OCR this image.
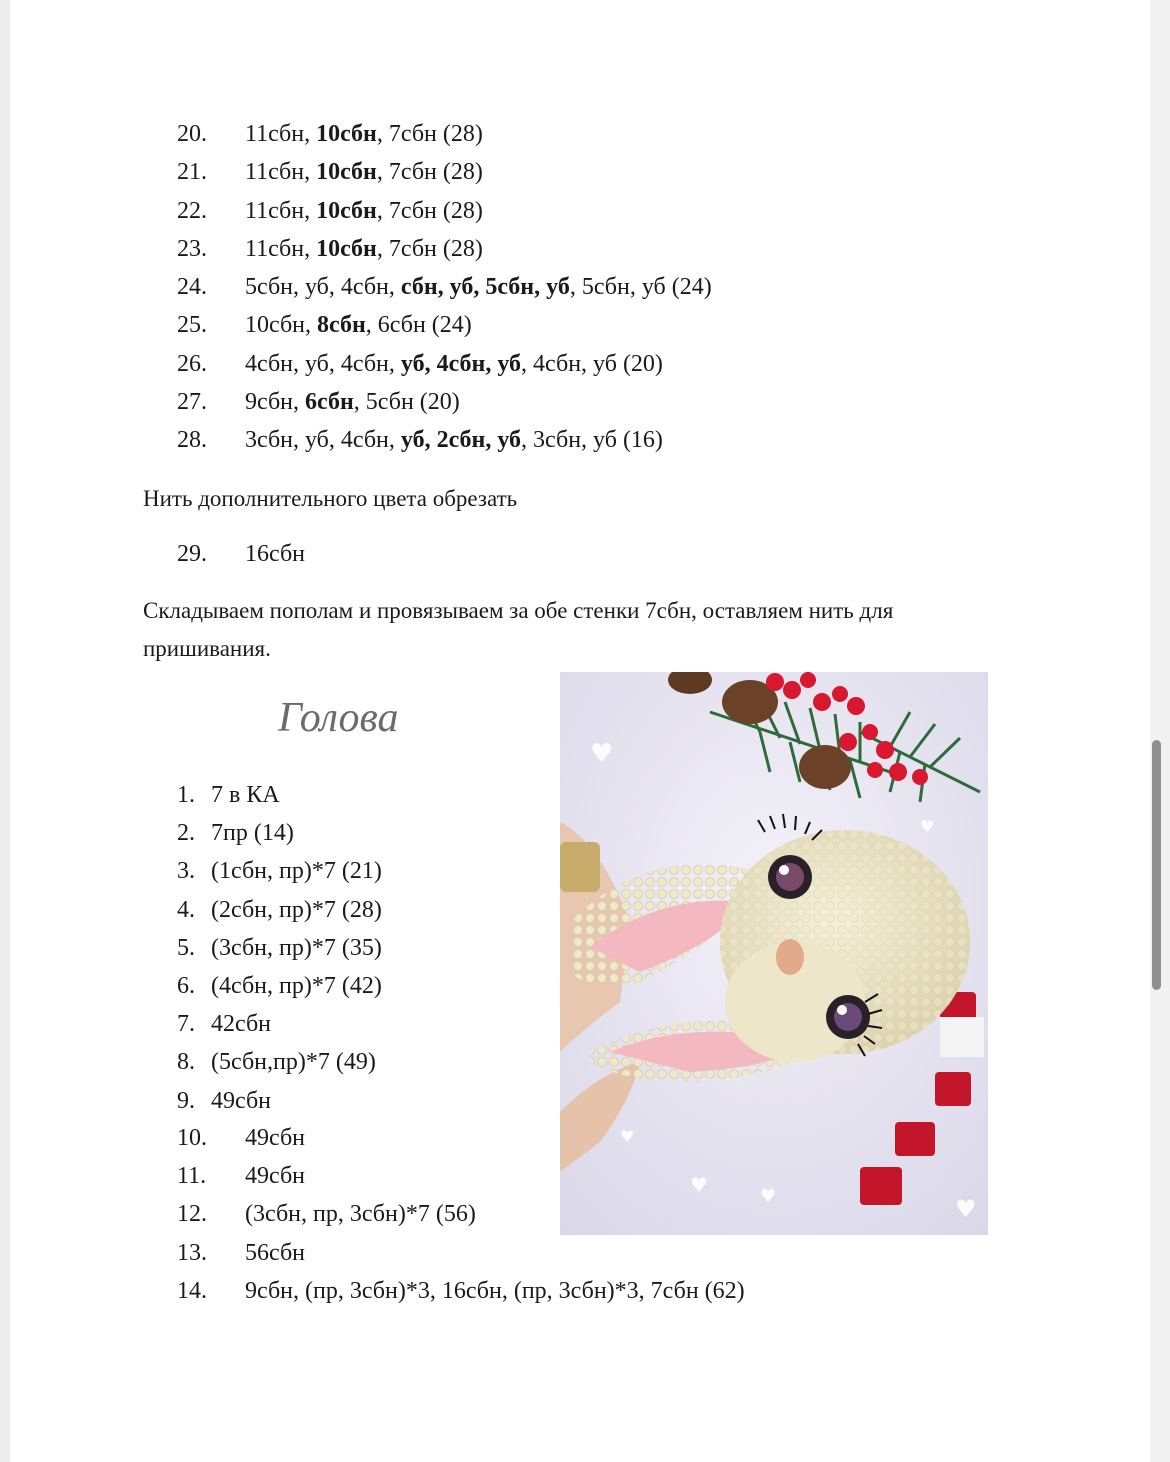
20. 11сбн, 10сбн, 7сбн (28)
21. 11сбн, 10сбн, 7сбн (28)
22. 11сбн, 10сбн, 7сбн (28)
23. 11сбн, 10сбн, 7сбн (28)
24. 5сбн, уб, 4сбн, сбн, уб, 5сбн, уб, 5сбн, уб (24)
25. 10сбн, 8сбн, 6сбн (24)
26. 4сбн, уб, 4сбн, уб, 4сбн, уб, 4сбн, уб (20)
27. 9сбн, 6сбн, 5сбн (20)
28. 3сбн, уб, 4сбн, уб, 2сбн, уб, 3сбн, уб (16)
Нить дополнительного цвета обрезать
29. 16сбн
Складываем пополам и провязываем за обе стенки 7сбн, оставляем нить для
пришивания.
Голова
1. 7 в КА
2. 7пр (14)
3. (1сбн, пр)*7 (21)
4. (2сбн, пр)*7 (28)
5. (3сбн, пр)*7 (35)
6. (4сбн, пр)*7 (42)
7. 42сбн
8. (5сбн,пр)*7 (49)
9. 49сбн
10. 49сбн
11. 49сбн
12. (3сбн, пр, 3сбн)*7 (56)
13. 56сбн
14. 9сбн, (пр, 3сбн)*3, 16сбн, (пр, 3сбн)*3, 7сбн (62)
♥
♥	♥	♥
♥
♥
